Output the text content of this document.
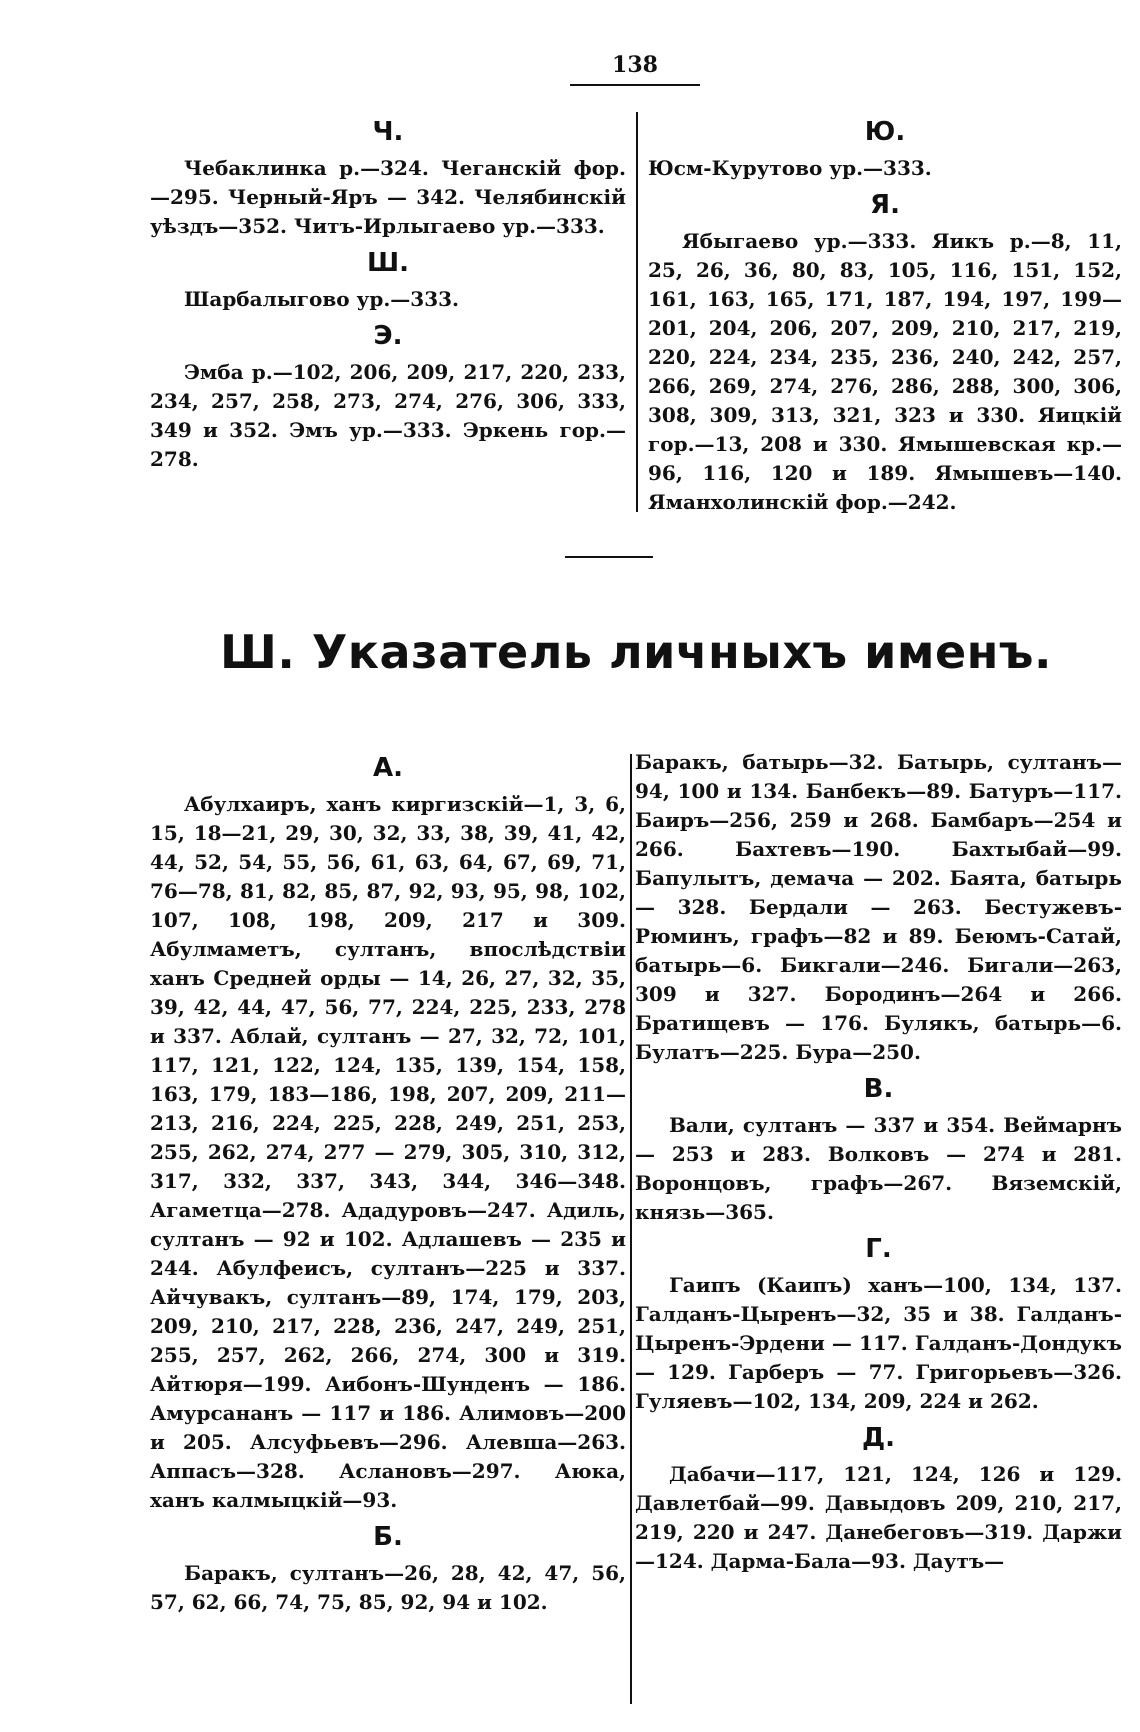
138
Ч.

Чебаклинка р.—324. Чеганскій фор.—295. Черный-Яръ — 342. Челябинскій уѣздъ—352. Читъ-Ирлыгаево ур.—333.

Ш.

Шарбалыгово ур.—333.

Э.

Эмба р.—102, 206, 209, 217, 220, 233, 234, 257, 258, 273, 274, 276, 306, 333, 349 и 352. Эмъ ур.—333. Эркень гор.—278.

Ю.

Юсм-Курутово ур.—333.

Я.

Ябыгаево ур.—333. Яикъ р.—8, 11, 25, 26, 36, 80, 83, 105, 116, 151, 152, 161, 163, 165, 171, 187, 194, 197, 199—201, 204, 206, 207, 209, 210, 217, 219, 220, 224, 234, 235, 236, 240, 242, 257, 266, 269, 274, 276, 286, 288, 300, 306, 308, 309, 313, 321, 323 и 330. Яицкій гор.—13, 208 и 330. Ямышевская кр.—96, 116, 120 и 189. Ямышевъ—140. Яманхолинскій фор.—242.

Ш. Указатель личныхъ именъ.
А.

Абулхаиръ, ханъ киргизскій—1, 3, 6, 15, 18—21, 29, 30, 32, 33, 38, 39, 41, 42, 44, 52, 54, 55, 56, 61, 63, 64, 67, 69, 71, 76—78, 81, 82, 85, 87, 92, 93, 95, 98, 102, 107, 108, 198, 209, 217 и 309. Абулмаметъ, султанъ, впослѣдствіи ханъ Средней орды — 14, 26, 27, 32, 35, 39, 42, 44, 47, 56, 77, 224, 225, 233, 278 и 337. Аблай, султанъ — 27, 32, 72, 101, 117, 121, 122, 124, 135, 139, 154, 158, 163, 179, 183—186, 198, 207, 209, 211—213, 216, 224, 225, 228, 249, 251, 253, 255, 262, 274, 277 — 279, 305, 310, 312, 317, 332, 337, 343, 344, 346—348. Агаметца—278. Ададуровъ—247. Адиль, султанъ — 92 и 102. Адлашевъ — 235 и 244. Абулфеисъ, султанъ—225 и 337. Айчувакъ, султанъ—89, 174, 179, 203, 209, 210, 217, 228, 236, 247, 249, 251, 255, 257, 262, 266, 274, 300 и 319. Айтюря—199. Аибонъ-Шунденъ — 186. Амурсананъ — 117 и 186. Алимовъ—200 и 205. Алсуфьевъ—296. Алевша—263. Аппасъ—328. Аслановъ—297. Аюка, ханъ калмыцкій—93.

Б.

Баракъ, султанъ—26, 28, 42, 47, 56, 57, 62, 66, 74, 75, 85, 92, 94 и 102.

Баракъ, батырь—32. Батырь, султанъ—94, 100 и 134. Банбекъ—89. Батуръ—117. Баиръ—256, 259 и 268. Бамбаръ—254 и 266. Бахтевъ—190. Бахтыбай—99. Бапулытъ, демача — 202. Баята, батырь — 328. Бердали — 263. Бестужевъ-Рюминъ, графъ—82 и 89. Беюмъ-Сатай, батырь—6. Бикгали—246. Бигали—263, 309 и 327. Бородинъ—264 и 266. Братищевъ — 176. Булякъ, батырь—6. Булатъ—225. Бура—250.

В.

Вали, султанъ — 337 и 354. Веймарнъ — 253 и 283. Волковъ — 274 и 281. Воронцовъ, графъ—267. Вяземскій, князь—365.

Г.

Гаипъ (Каипъ) ханъ—100, 134, 137. Галданъ-Цыренъ—32, 35 и 38. Галданъ-Цыренъ-Эрдени — 117. Галданъ-Дондукъ — 129. Гарберъ — 77. Григорьевъ—326. Гуляевъ—102, 134, 209, 224 и 262.

Д.

Дабачи—117, 121, 124, 126 и 129. Давлетбай—99. Давыдовъ 209, 210, 217, 219, 220 и 247. Данебеговъ—319. Даржи—124. Дарма-Бала—93. Даутъ—
